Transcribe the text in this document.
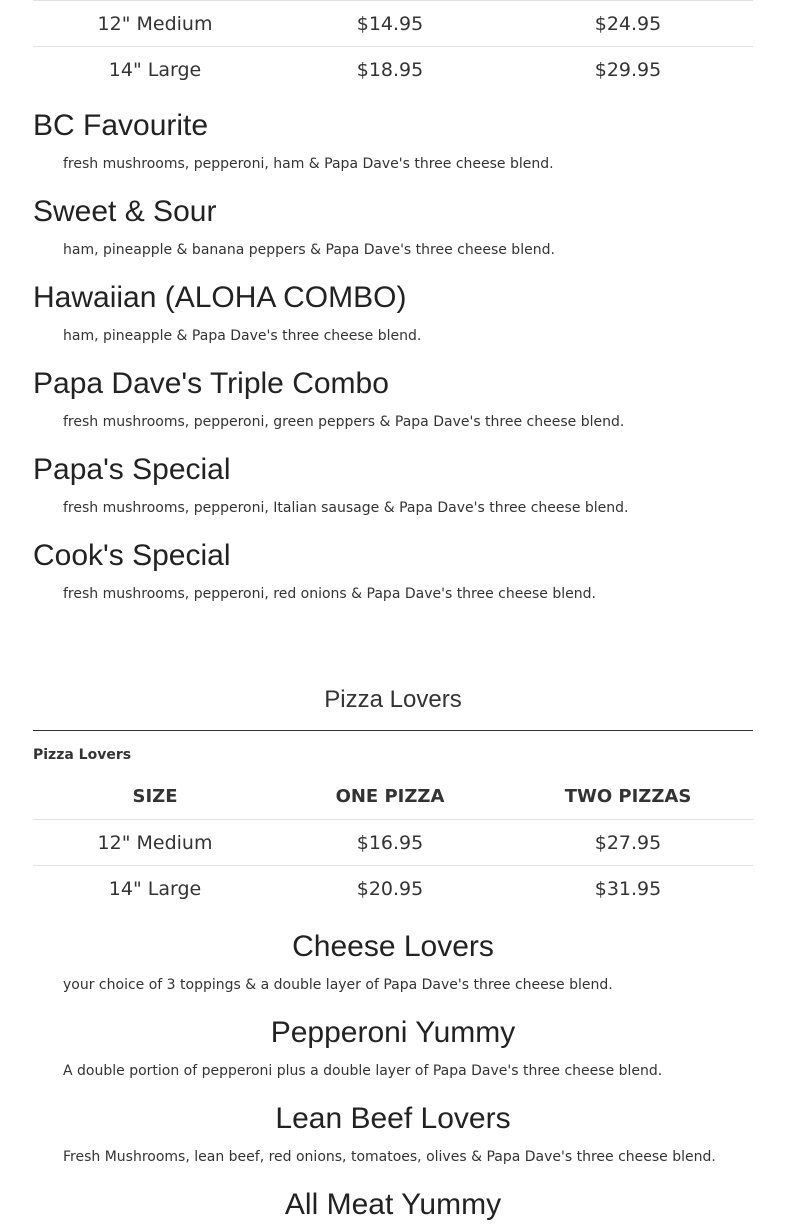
12" Medium	$14.95	$24.95
14" Large	$18.95	$29.95
BC Favourite

fresh mushrooms, pepperoni, ham & Papa Dave's three cheese blend.

Sweet & Sour

ham, pineapple & banana peppers & Papa Dave's three cheese blend.

Hawaiian (ALOHA COMBO)

ham, pineapple & Papa Dave's three cheese blend.

Papa Dave's Triple Combo

fresh mushrooms, pepperoni, green peppers & Papa Dave's three cheese blend.

Papa's Special

fresh mushrooms, pepperoni, Italian sausage & Papa Dave's three cheese blend.

Cook's Special

fresh mushrooms, pepperoni, red onions & Papa Dave's three cheese blend.

Pizza Lovers

Pizza Lovers

SIZE	ONE PIZZA	TWO PIZZAS
12" Medium	$16.95	$27.95
14" Large	$20.95	$31.95
Cheese Lovers

your choice of 3 toppings & a double layer of Papa Dave's three cheese blend.

Pepperoni Yummy

A double portion of pepperoni plus a double layer of Papa Dave's three cheese blend.

Lean Beef Lovers

Fresh Mushrooms, lean beef, red onions, tomatoes, olives & Papa Dave's three cheese blend.

All Meat Yummy
